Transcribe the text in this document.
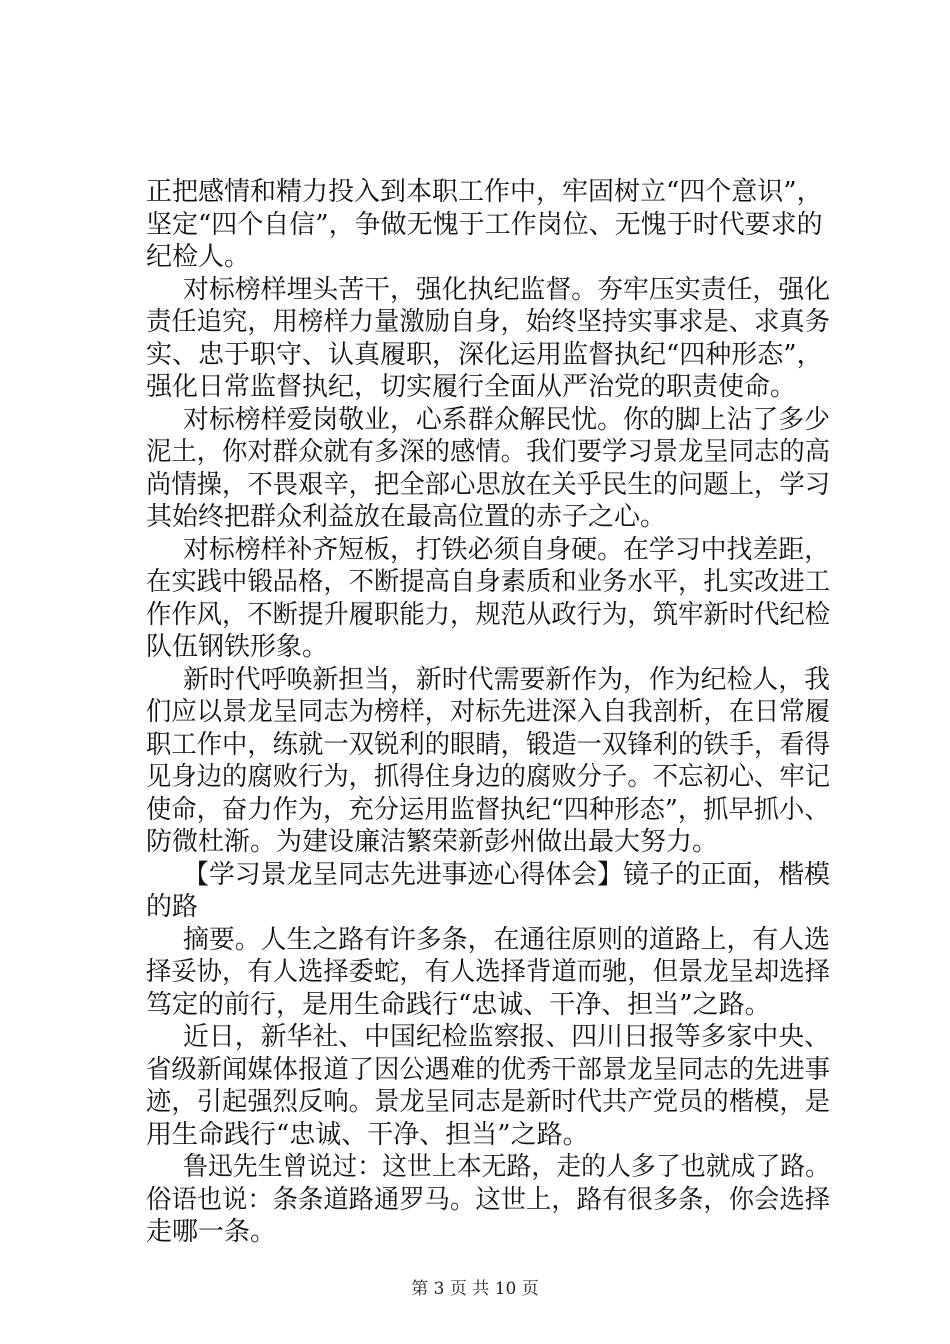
正把感情和精力投入到本职工作中，牢固树立“四个意识”，
坚定“四个自信”，争做无愧于工作岗位、无愧于时代要求的
纪检人。
对标榜样埋头苦干，强化执纪监督。夯牢压实责任，强化
责任追究，用榜样力量激励自身，始终坚持实事求是、求真务
实、忠于职守、认真履职，深化运用监督执纪“四种形态”，
强化日常监督执纪，切实履行全面从严治党的职责使命。
对标榜样爱岗敬业，心系群众解民忧。你的脚上沾了多少
泥土，你对群众就有多深的感情。我们要学习景龙呈同志的高
尚情操，不畏艰辛，把全部心思放在关乎民生的问题上，学习
其始终把群众利益放在最高位置的赤子之心。
对标榜样补齐短板，打铁必须自身硬。在学习中找差距，
在实践中锻品格，不断提高自身素质和业务水平，扎实改进工
作作风，不断提升履职能力，规范从政行为，筑牢新时代纪检
队伍钢铁形象。
新时代呼唤新担当，新时代需要新作为，作为纪检人，我
们应以景龙呈同志为榜样，对标先进深入自我剖析，在日常履
职工作中，练就一双锐利的眼睛，锻造一双锋利的铁手，看得
见身边的腐败行为，抓得住身边的腐败分子。不忘初心、牢记
使命，奋力作为，充分运用监督执纪“四种形态”，抓早抓小、
防微杜渐。为建设廉洁繁荣新彭州做出最大努力。
【学习景龙呈同志先进事迹心得体会】镜子的正面，楷模
的路
摘要。人生之路有许多条，在通往原则的道路上，有人选
择妥协，有人选择委蛇，有人选择背道而驰，但景龙呈却选择
笃定的前行，是用生命践行“忠诚、干净、担当”之路。
近日，新华社、中国纪检监察报、四川日报等多家中央、
省级新闻媒体报道了因公遇难的优秀干部景龙呈同志的先进事
迹，引起强烈反响。景龙呈同志是新时代共产党员的楷模，是
用生命践行“忠诚、干净、担当”之路。
鲁迅先生曾说过：这世上本无路，走的人多了也就成了路。
俗语也说：条条道路通罗马。这世上，路有很多条，你会选择
走哪一条。
第 3 页 共 10 页
